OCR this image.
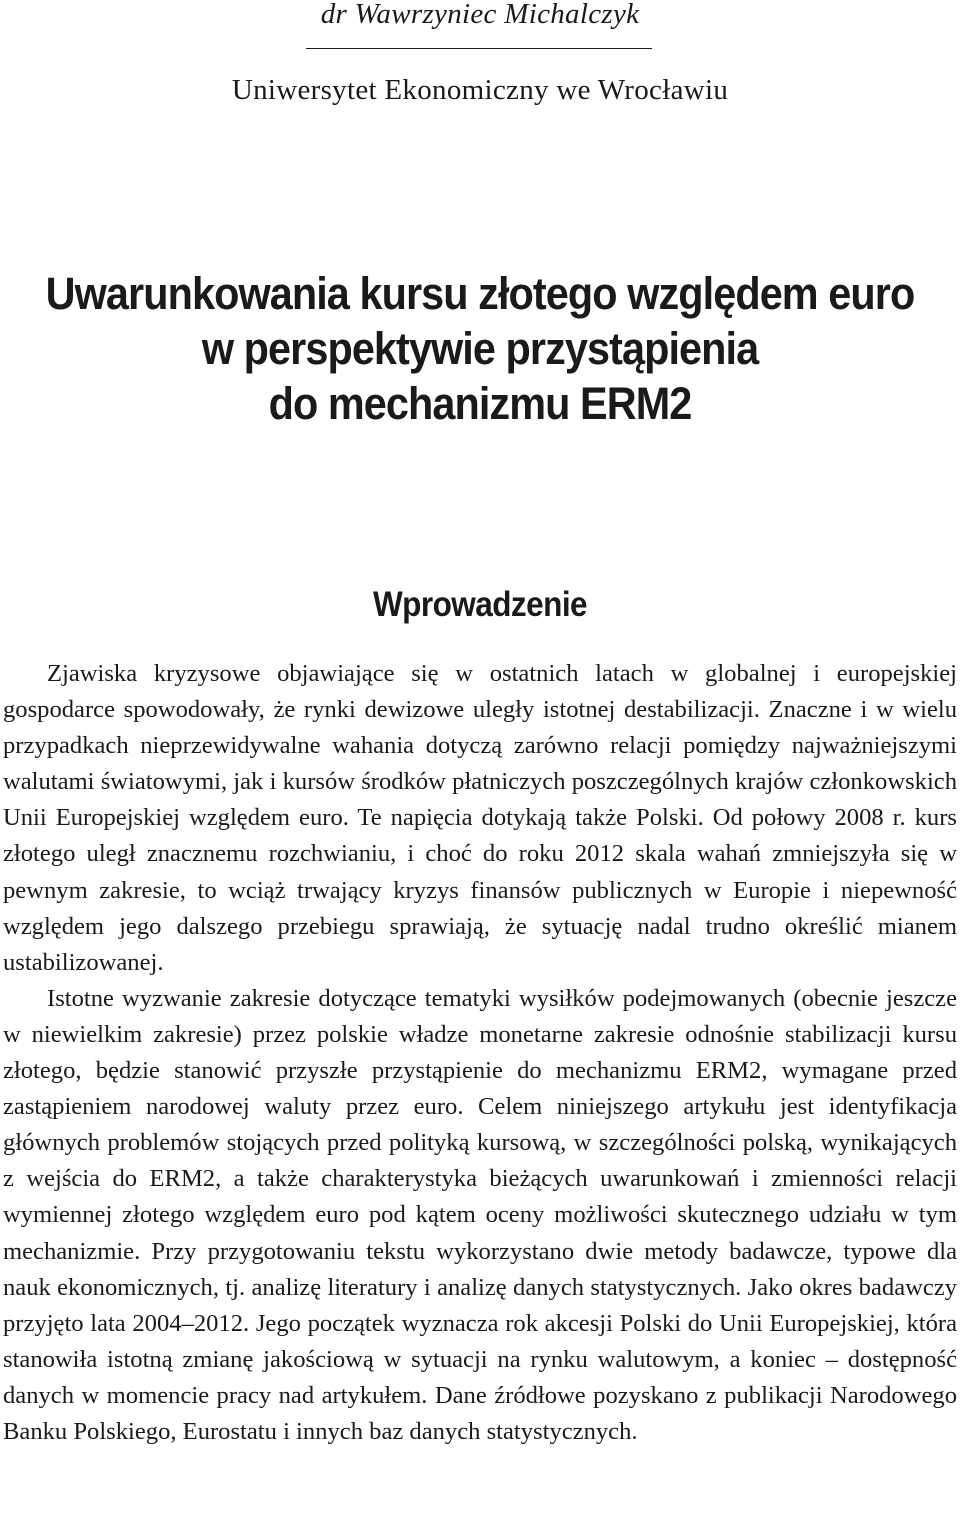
dr Wawrzyniec Michalczyk
Uniwersytet Ekonomiczny we Wrocławiu
Uwarunkowania kursu złotego względem euro
w perspektywie przystąpienia
do mechanizmu ERM2
Wprowadzenie

Zjawiska kryzysowe objawiające się w ostatnich latach w globalnej i europejskiej gospodarce spowodowały, że rynki dewizowe uległy istotnej destabilizacji. Znaczne i w wielu przypadkach nieprzewidywalne wahania dotyczą zarówno relacji pomiędzy najważniejszymi walutami światowymi, jak i kursów środków płatniczych poszczególnych krajów członkowskich Unii Europejskiej względem euro. Te napięcia dotykają także Polski. Od połowy 2008 r. kurs złotego uległ znacznemu rozchwianiu, i choć do roku 2012 skala wahań zmniejszyła się w pewnym zakresie, to wciąż trwający kryzys finansów publicznych w Europie i niepewność względem jego dalszego przebiegu sprawiają, że sytuację nadal trudno określić mianem ustabilizowanej.

Istotne wyzwanie zakresie dotyczące tematyki wysiłków podejmowanych (obecnie jeszcze w niewielkim zakresie) przez polskie władze monetarne zakresie odnośnie stabilizacji kursu złotego, będzie stanowić przyszłe przystąpienie do mechanizmu ERM2, wymagane przed zastąpieniem narodowej waluty przez euro. Celem niniejszego artykułu jest identyfikacja głównych problemów stojących przed polityką kursową, w szczególności polską, wynikających z wejścia do ERM2, a także charakterystyka bieżących uwarunkowań i zmienności relacji wymiennej złotego względem euro pod kątem oceny możliwości skutecznego udziału w tym mechanizmie. Przy przygotowaniu tekstu wykorzystano dwie metody badawcze, typowe dla nauk ekonomicznych, tj. analizę literatury i analizę danych statystycznych. Jako okres badawczy przyjęto lata 2004–2012. Jego początek wyznacza rok akcesji Polski do Unii Europejskiej, która stanowiła istotną zmianę jakościową w sytuacji na rynku walutowym, a koniec – dostępność danych w momencie pracy nad artykułem. Dane źródłowe pozyskano z publikacji Narodowego Banku Polskiego, Eurostatu i innych baz danych statystycznych.
